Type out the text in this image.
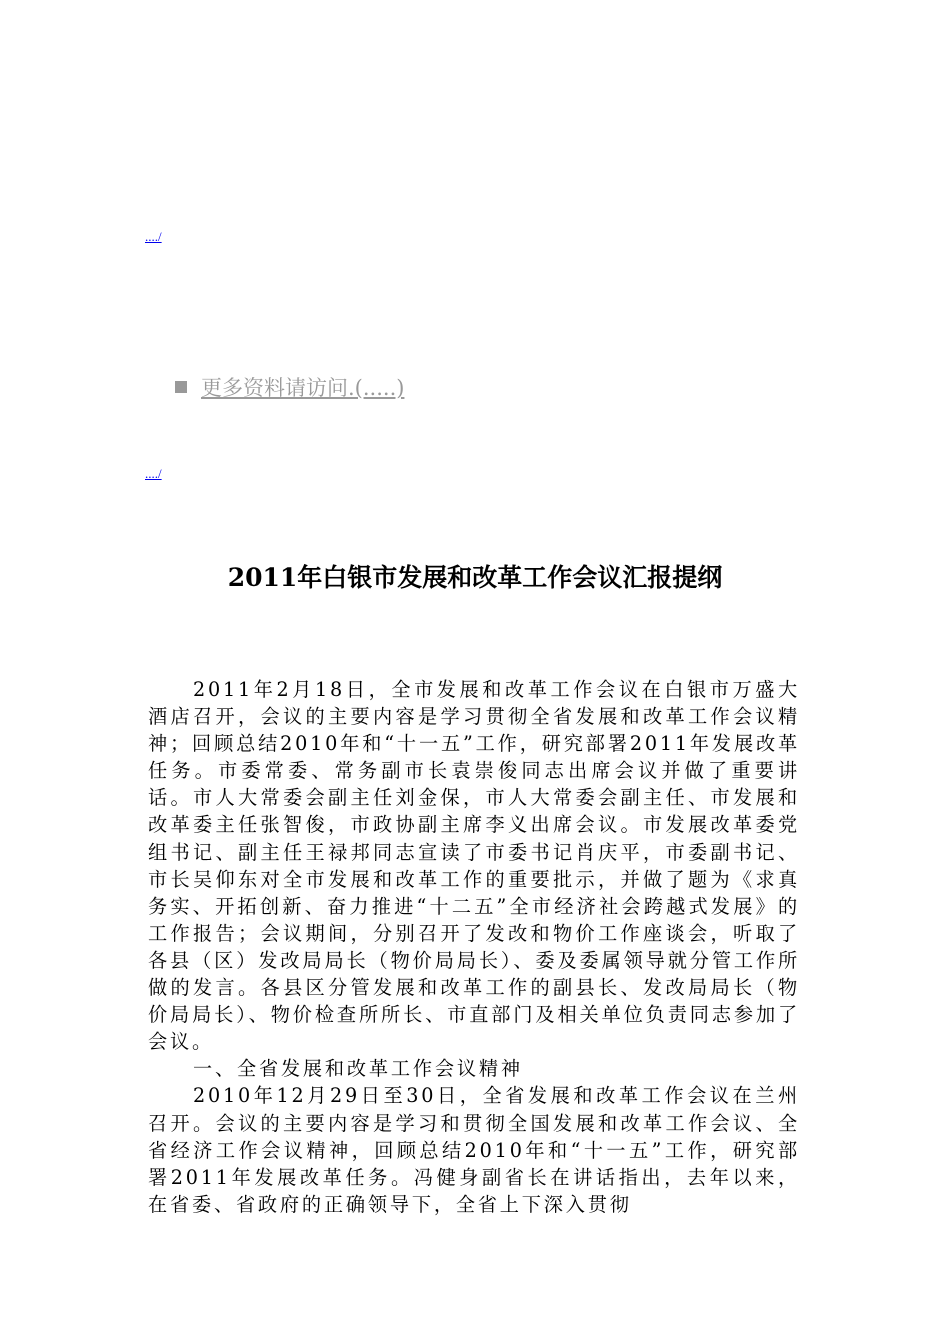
..../
更多资料请访问.(.....)
..../
2011年白银市发展和改革工作会议汇报提纲

2011年2月18日，全市发展和改革工作会议在白银市万盛大酒店召开，会议的主要内容是学习贯彻全省发展和改革工作会议精神；回顾总结2010年和“十一五”工作，研究部署2011年发展改革任务。市委常委、常务副市长袁崇俊同志出席会议并做了重要讲话。市人大常委会副主任刘金保，市人大常委会副主任、市发展和改革委主任张智俊，市政协副主席李义出席会议。市发展改革委党组书记、副主任王禄邦同志宣读了市委书记肖庆平，市委副书记、市长吴仰东对全市发展和改革工作的重要批示，并做了题为《求真务实、开拓创新、奋力推进“十二五”全市经济社会跨越式发展》的工作报告；会议期间，分别召开了发改和物价工作座谈会，听取了各县（区）发改局局长（物价局局长）、委及委属领导就分管工作所做的发言。各县区分管发展和改革工作的副县长、发改局局长（物价局局长）、物价检查所所长、市直部门及相关单位负责同志参加了会议。

一、全省发展和改革工作会议精神

2010年12月29日至30日，全省发展和改革工作会议在兰州召开。会议的主要内容是学习和贯彻全国发展和改革工作会议、全省经济工作会议精神，回顾总结2010年和“十一五”工作，研究部署2011年发展改革任务。冯健身副省长在讲话指出，去年以来，在省委、省政府的正确领导下，全省上下深入贯彻
